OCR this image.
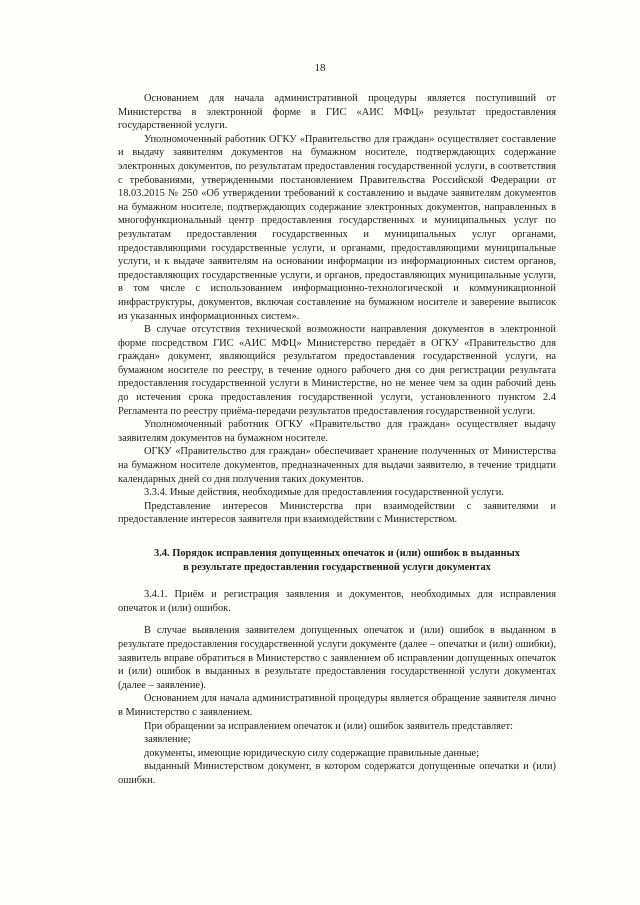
18

Основанием для начала административной процедуры является поступивший от Министерства в электронной форме в ГИС «АИС МФЦ» результат предоставления государственной услуги.

Уполномоченный работник ОГКУ «Правительство для граждан» осуществляет составление и выдачу заявителям документов на бумажном носителе, подтверждающих содержание электронных документов, по результатам предоставления государственной услуги, в соответствия с требованиями, утвержденными постановлением Правительства Российской Федерации от 18.03.2015 № 250 «Об утверждении требований к составлению и выдаче заявителям документов на бумажном носителе, подтверждающих содержание электронных документов, направленных в многофункциональный центр предоставления государственных и муниципальных услуг по результатам предоставления государственных и муниципальных услуг органами, предоставляющими государственные услуги, и органами, предоставляющими муниципальные услуги, и к выдаче заявителям на основании информации из информационных систем органов, предоставляющих государственные услуги, и органов, предоставляющих муниципальные услуги, в том числе с использованием информационно-технологической и коммуникационной инфраструктуры, документов, включая составление на бумажном носителе и заверение выписок из указанных информационных систем».

В случае отсутствия технической возможности направления документов в электронной форме посредством ГИС «АИС МФЦ» Министерство передаёт в ОГКУ «Правительство для граждан» документ, являющийся результатом предоставления государственной услуги, на бумажном носителе по реестру, в течение одного рабочего дня со дня регистрации результата предоставления государственной услуги в Министерстве, но не менее чем за один рабочий день до истечения срока предоставления государственной услуги, установленного пунктом 2.4 Регламента по реестру приёма-передачи результатов предоставления государственной услуги.

Уполномоченный работник ОГКУ «Правительство для граждан» осуществляет выдачу заявителям документов на бумажном носителе.

ОГКУ «Правительство для граждан» обеспечивает хранение полученных от Министерства на бумажном носителе документов, предназначенных для выдачи заявителю, в течение тридцати календарных дней со дня получения таких документов.

3.3.4. Иные действия, необходимые для предоставления государственной услуги.

Представление интересов Министерства при взаимодействии с заявителями и предоставление интересов заявителя при взаимодействии с Министерством.

3.4. Порядок исправления допущенных опечаток и (или) ошибок в выданных

в результате предоставления государственной услуги документах

3.4.1. Приём и регистрация заявления и документов, необходимых для исправления опечаток и (или) ошибок.

В случае выявления заявителем допущенных опечаток и (или) ошибок в выданном в результате предоставления государственной услуги документе (далее – опечатки и (или) ошибки), заявитель вправе обратиться в Министерство с заявлением об исправлении допущенных опечаток и (или) ошибок в выданных в результате предоставления государственной услуги документах (далее – заявление).

Основанием для начала административной процедуры является обращение заявителя лично в Министерство с заявлением.

При обращении за исправлением опечаток и (или) ошибок заявитель представляет:

заявление;

документы, имеющие юридическую силу содержащие правильные данные;

выданный Министерством документ, в котором содержатся допущенные опечатки и (или) ошибки.
